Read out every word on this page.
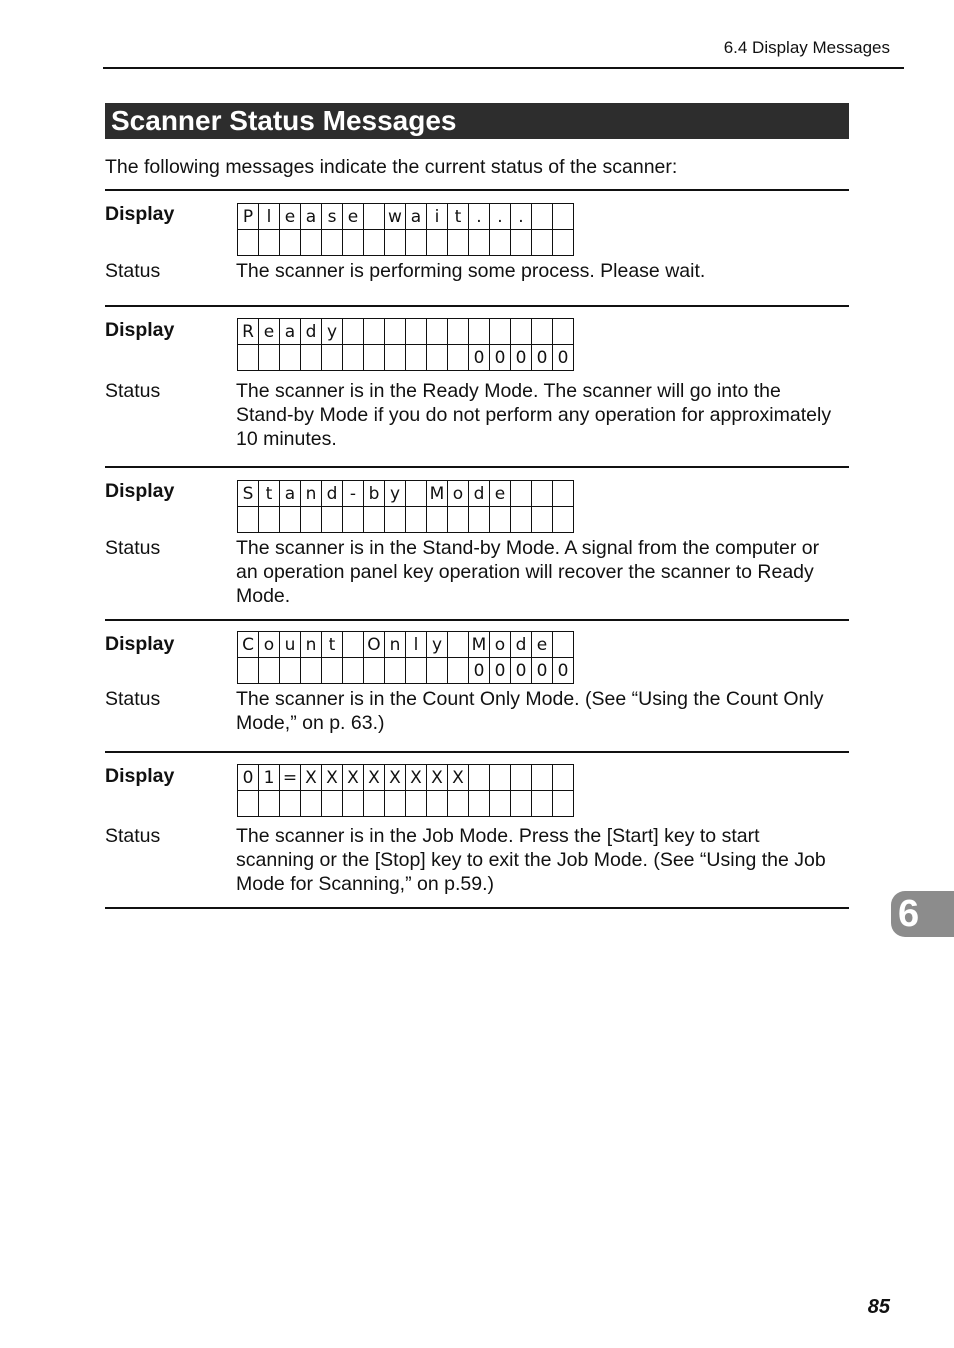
6.4 Display Messages
Scanner Status Messages
The following messages indicate the current status of the scanner:
Display	P l e a s e	w a i t . . .
Status	The scanner is performing some process. Please wait.
Display	R e a d y
0 0 0 0 0
Status	The scanner is in the Ready Mode. The scanner will go into the Stand-by Mode if you do not perform any operation for approximately 10 minutes.
Display	S t a n d - b y	M o d e
Status	The scanner is in the Stand-by Mode. A signal from the computer or an operation panel key operation will recover the scanner to Ready Mode.
Display	C o u n t	O n l y	M o d e
0 0 0 0 0
Status	The scanner is in the Count Only Mode. (See “Using the Count Only Mode,” on p. 63.)
Display	0 1 = X X X X X X X X
Status	The scanner is in the Job Mode. Press the [Start] key to start scanning or the [Stop] key to exit the Job Mode. (See “Using the Job Mode for Scanning,” on p.59.)
6
85
